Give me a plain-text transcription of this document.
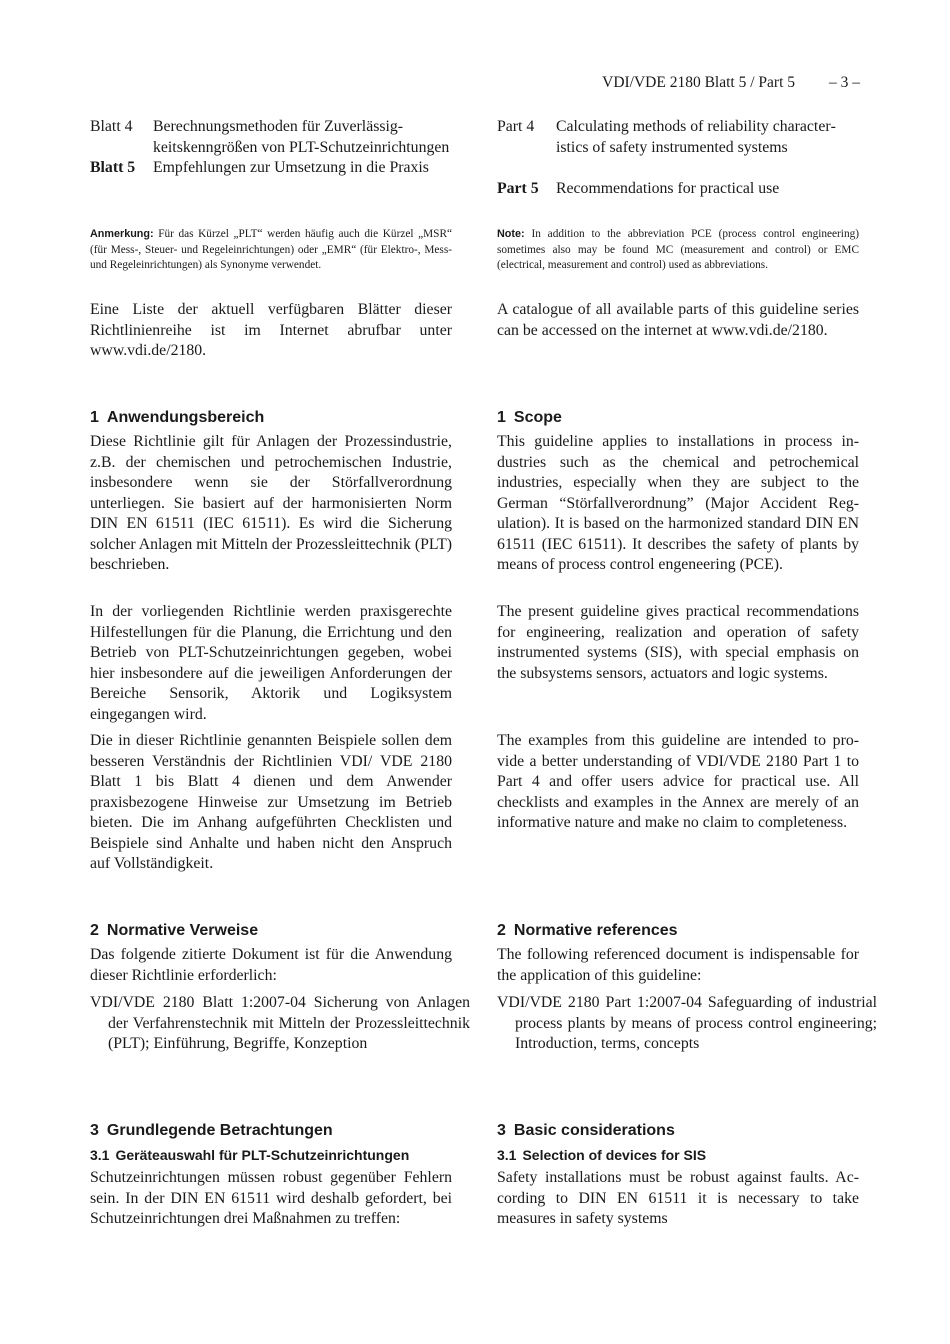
VDI/VDE 2180 Blatt 5 / Part 5 – 3 –
Blatt 4	Berechnungsmethoden für Zuverlässigkeitskenngrößen von PLT-Schutzeinrichtungen
Blatt 5	Empfehlungen zur Umsetzung in die Praxis
Anmerkung: Für das Kürzel „PLT“ werden häufig auch die Kürzel „MSR“ (für Mess-, Steuer- und Regeleinrichtungen) oder „EMR“ (für Elektro-, Mess- und Regeleinrichtungen) als Synonyme verwendet.

Eine Liste der aktuell verfügbaren Blätter dieser Richtlinienreihe ist im Internet abrufbar unter www.vdi.de/2180.

1 Anwendungsbereich

Diese Richtlinie gilt für Anlagen der Prozessindustrie, z.B. der chemischen und petrochemischen Industrie, insbesondere wenn sie der Störfallverordnung unterliegen. Sie basiert auf der harmonisierten Norm DIN EN 61511 (IEC 61511). Es wird die Sicherung solcher Anlagen mit Mitteln der Prozessleittechnik (PLT) beschrieben.

In der vorliegenden Richtlinie werden praxisgerechte Hilfestellungen für die Planung, die Errichtung und den Betrieb von PLT-Schutzeinrichtungen gegeben, wobei hier insbesondere auf die jeweiligen Anforderungen der Bereiche Sensorik, Aktorik und Logiksystem eingegangen wird.

Die in dieser Richtlinie genannten Beispiele sollen dem besseren Verständnis der Richtlinien VDI/ VDE 2180 Blatt 1 bis Blatt 4 dienen und dem Anwender praxisbezogene Hinweise zur Umsetzung im Betrieb bieten. Die im Anhang aufgeführten Checklisten und Beispiele sind Anhalte und haben nicht den Anspruch auf Vollständigkeit.

2 Normative Verweise

Das folgende zitierte Dokument ist für die Anwendung dieser Richtlinie erforderlich:

VDI/VDE 2180 Blatt 1:2007-04 Sicherung von Anlagen der Verfahrenstechnik mit Mitteln der Prozessleittechnik (PLT); Einführung, Begriffe, Konzeption

3 Grundlegende Betrachtungen
3.1 Geräteauswahl für PLT-Schutzeinrichtungen

Schutzeinrichtungen müssen robust gegenüber Fehlern sein. In der DIN EN 61511 wird deshalb gefordert, bei Schutzeinrichtungen drei Maßnahmen zu treffen:

Part 4	Calculating methods of reliability characteristics of safety instrumented systems
Part 5	Recommendations for practical use
Note: In addition to the abbreviation PCE (process control engineering) sometimes also may be found MC (measurement and control) or EMC (electrical, measurement and control) used as abbreviations.

A catalogue of all available parts of this guideline series can be accessed on the internet at www.vdi.de/2180.

1 Scope

This guideline applies to installations in process industries such as the chemical and petrochemical industries, especially when they are subject to the German “Störfallverordnung” (Major Accident Regulation). It is based on the harmonized standard DIN EN 61511 (IEC 61511). It describes the safety of plants by means of process control engeneering (PCE).

The present guideline gives practical recommendations for engineering, realization and operation of safety instrumented systems (SIS), with special emphasis on the subsystems sensors, actuators and logic systems.

The examples from this guideline are intended to provide a better understanding of VDI/VDE 2180 Part 1 to Part 4 and offer users advice for practical use. All checklists and examples in the Annex are merely of an informative nature and make no claim to completeness.

2 Normative references

The following referenced document is indispensable for the application of this guideline:

VDI/VDE 2180 Part 1:2007-04 Safeguarding of industrial process plants by means of process control engineering; Introduction, terms, concepts

3 Basic considerations
3.1 Selection of devices for SIS

Safety installations must be robust against faults. According to DIN EN 61511 it is necessary to take measures in safety systems
